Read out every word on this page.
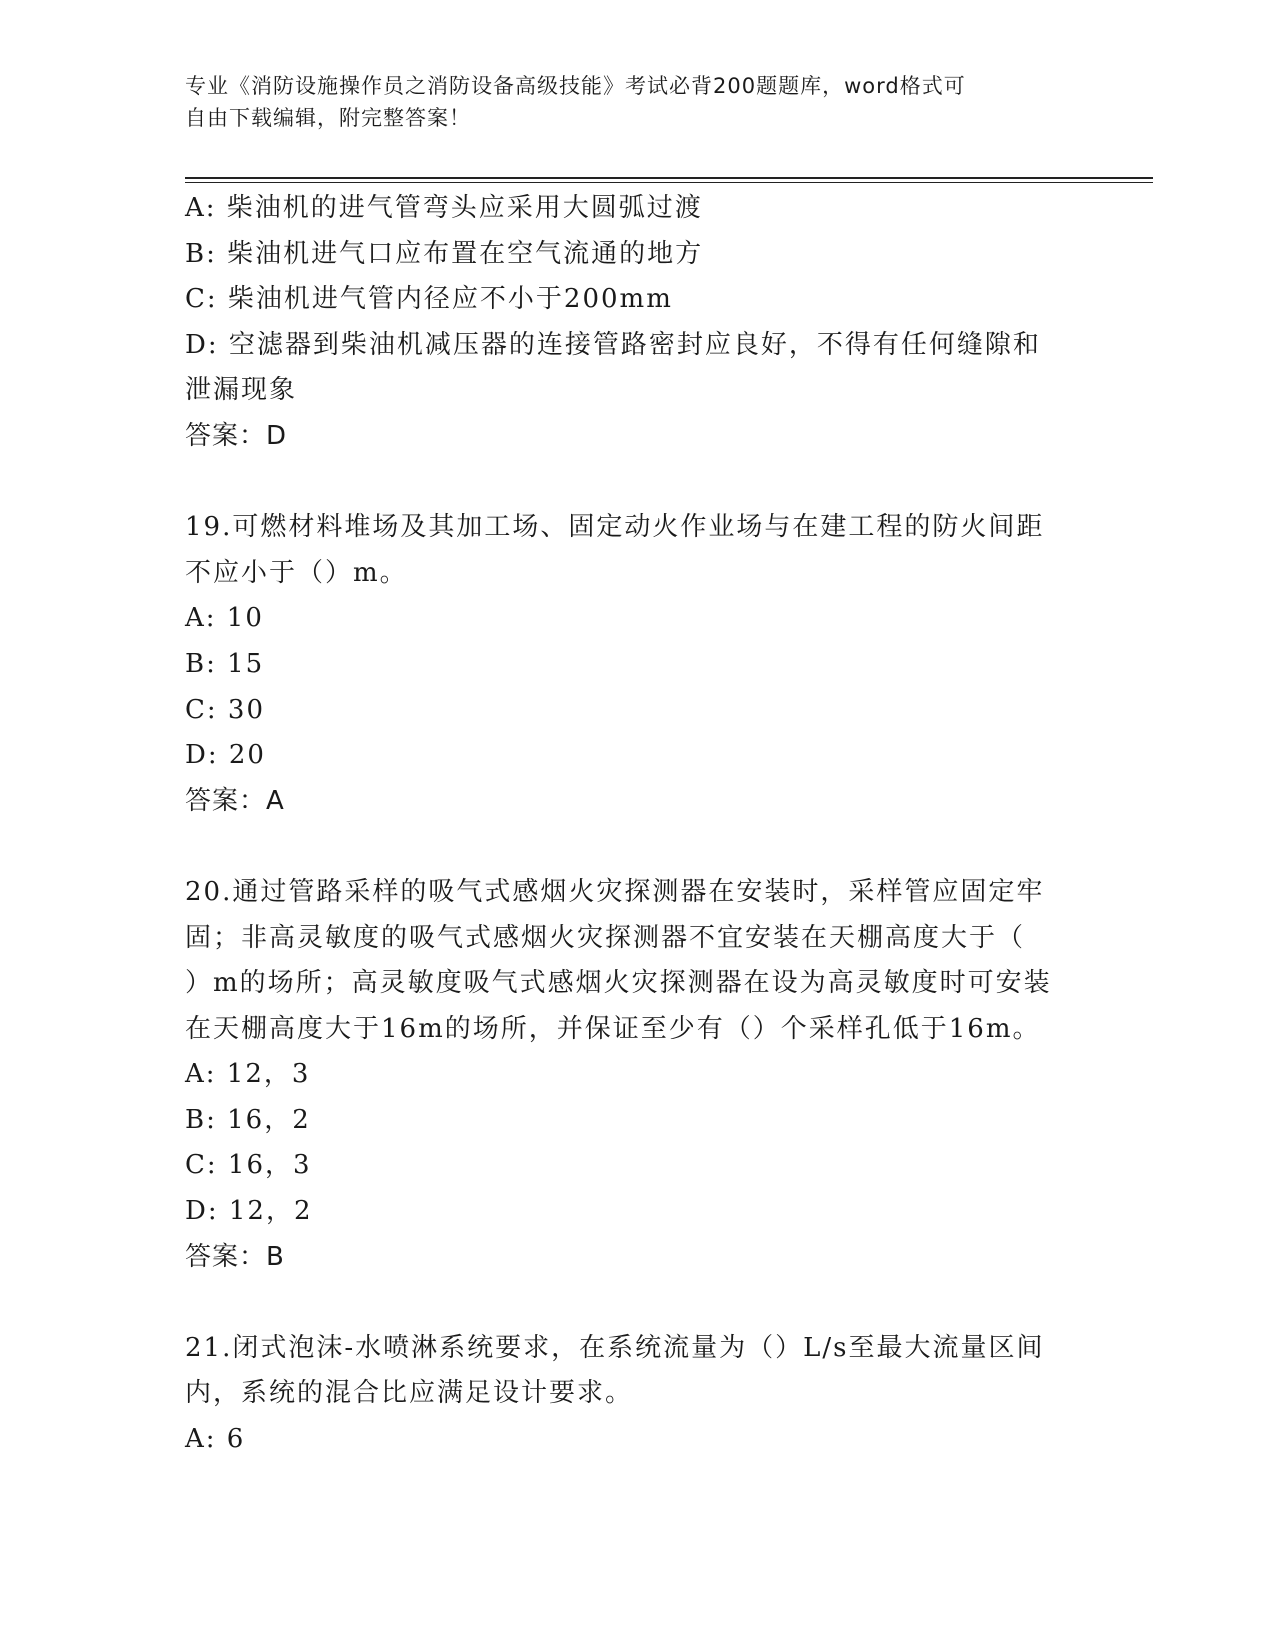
专业《消防设施操作员之消防设备高级技能》考试必背200题题库，word格式可
自由下载编辑，附完整答案！
A: 柴油机的进气管弯头应采用大圆弧过渡
B: 柴油机进气口应布置在空气流通的地方
C: 柴油机进气管内径应不小于200mm
D: 空滤器到柴油机减压器的连接管路密封应良好，不得有任何缝隙和
泄漏现象
答案：D
19.可燃材料堆场及其加工场、固定动火作业场与在建工程的防火间距
不应小于（）m。
A: 10
B: 15
C: 30
D: 20
答案：A
20.通过管路采样的吸气式感烟火灾探测器在安装时，采样管应固定牢
固；非高灵敏度的吸气式感烟火灾探测器不宜安装在天棚高度大于（
）m的场所；高灵敏度吸气式感烟火灾探测器在设为高灵敏度时可安装
在天棚高度大于16m的场所，并保证至少有（）个采样孔低于16m。
A: 12，3
B: 16，2
C: 16，3
D: 12，2
答案：B
21.闭式泡沫-水喷淋系统要求，在系统流量为（）L/s至最大流量区间
内，系统的混合比应满足设计要求。
A: 6
